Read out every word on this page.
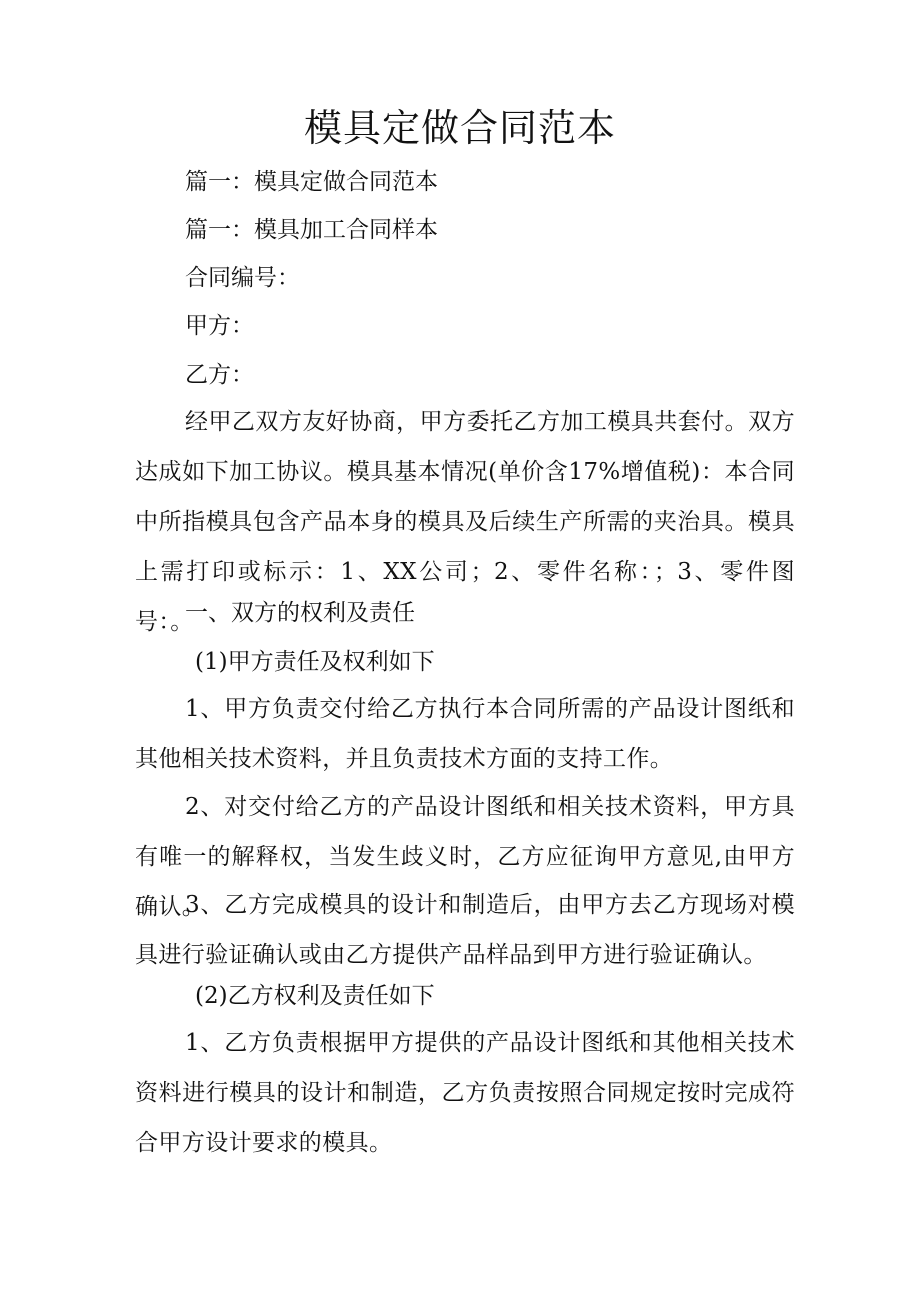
模具定做合同范本
篇一：模具定做合同范本
篇一：模具加工合同样本
合同编号：
甲方：
乙方：
经甲乙双方友好协商，甲方委托乙方加工模具共套付。双方达成如下加工协议。模具基本情况(单价含17%增值税)：本合同中所指模具包含产品本身的模具及后续生产所需的夹治具。模具上需打印或标示：1、XX公司；2、零件名称：；3、零件图号：。
一、双方的权利及责任
(1)甲方责任及权利如下
1、甲方负责交付给乙方执行本合同所需的产品设计图纸和其他相关技术资料，并且负责技术方面的支持工作。
2、对交付给乙方的产品设计图纸和相关技术资料，甲方具有唯一的解释权，当发生歧义时，乙方应征询甲方意见,由甲方确认。
3、乙方完成模具的设计和制造后，由甲方去乙方现场对模具进行验证确认或由乙方提供产品样品到甲方进行验证确认。
(2)乙方权利及责任如下
1、乙方负责根据甲方提供的产品设计图纸和其他相关技术资料进行模具的设计和制造，乙方负责按照合同规定按时完成符合甲方设计要求的模具。
